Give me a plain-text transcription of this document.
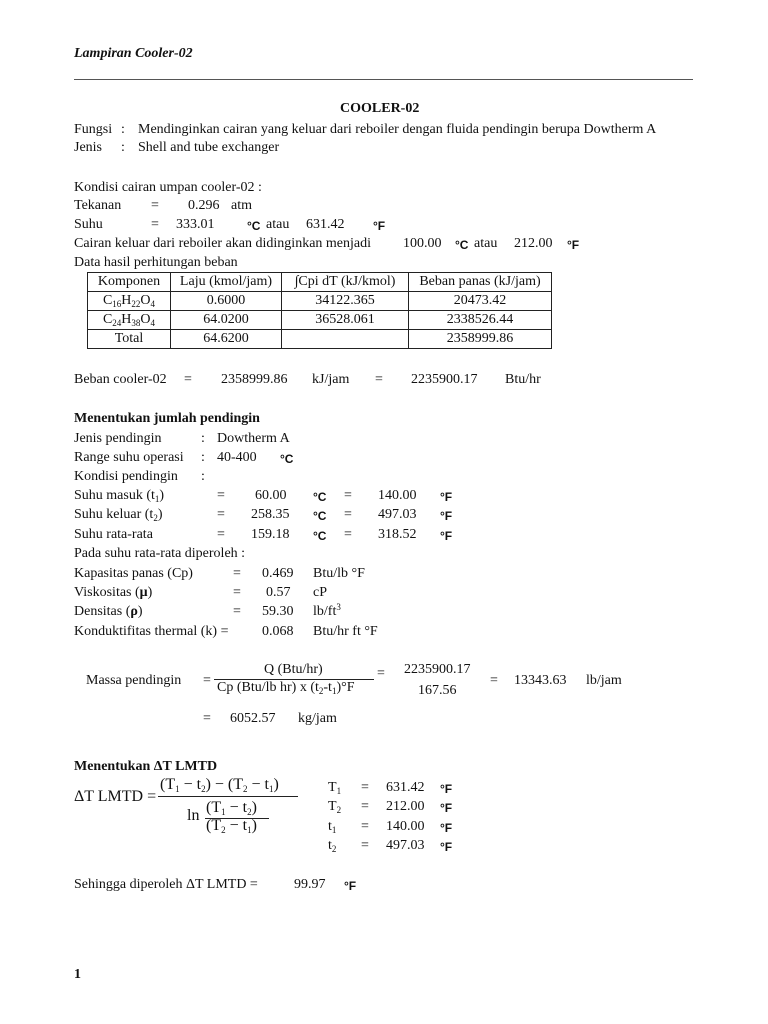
Lampiran Cooler-02
COOLER-02
Fungsi : Mendinginkan cairan yang keluar dari reboiler dengan fluida pendingin berupa Dowtherm A
Jenis : Shell and tube exchanger
Kondisi cairan umpan cooler-02 :
Tekanan = 0.296 atm
Suhu	= 333.01	°C atau 631.42 °F
Cairan keluar dari reboiler akan didinginkan menjadi 100.00 °C atau 212.00 °F
Data hasil perhitungan beban
Komponen	Laju (kmol/jam)	∫Cpi dT (kJ/kmol)	Beban panas (kJ/jam)
$C_{16}H_{22}O_4$	0.6000	34122.365	20473.42
$C_{24}H_{38}O_4$	64.0200	36528.061	2338526.44
Total	64.6200		2358999.86
Beban cooler-02 = 2358999.86 kJ/jam = 2235900.17 Btu/hr
Menentukan jumlah pendingin
Jenis pendingin	: Dowtherm A
Range suhu operasi : 40-400 °C
Kondisi pendingin :
Suhu masuk $(t_1)$	= 60.00 °C = 140.00 °F
Suhu keluar $(t_2)$	= 258.35 °C = 497.03 °F
Suhu rata-rata	= 159.18 °C = 318.52 °F
Pada suhu rata-rata diperoleh :
Kapasitas panas (Cp)	= 0.469 Btu/lb °F
Viskositas (μ)	= 0.57 cP
Densitas (ρ)	= 59.30 $lb/ft^3$
Konduktifitas thermal (k) = 0.068 Btu/hr ft °F
Massa pendingin =
Q (Btu/hr)
Cp (Btu/lb hr) x $(t_2-t_1)^\circ F$
= 2235900.17
167.56
= 13343.63 lb/jam
= 6052.57 kg/jam
Menentukan ΔT LMTD
ΔT LMTD =
$(T_1 - t_2) - (T_2 - t_1)$
$\ln (T_1 - t_2)$
$(T_2 - t_1)$
$T_1 = 631.42$ °F
$T_2 = 212.00$ °F
$t_1 = 140.00$ °F
$t_2 = 497.03$ °F
Sehingga diperoleh ΔT LMTD =	99.97 °F
1
